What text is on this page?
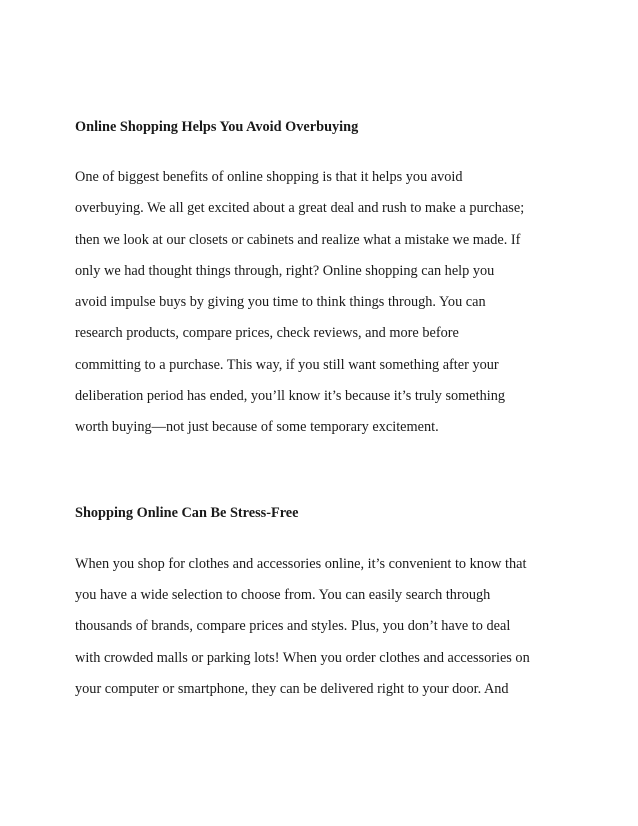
Online Shopping Helps You Avoid Overbuying

One of biggest benefits of online shopping is that it helps you avoid

overbuying. We all get excited about a great deal and rush to make a purchase;

then we look at our closets or cabinets and realize what a mistake we made. If

only we had thought things through, right? Online shopping can help you

avoid impulse buys by giving you time to think things through. You can

research products, compare prices, check reviews, and more before

committing to a purchase. This way, if you still want something after your

deliberation period has ended, you’ll know it’s because it’s truly something

worth buying—not just because of some temporary excitement.

Shopping Online Can Be Stress-Free

When you shop for clothes and accessories online, it’s convenient to know that

you have a wide selection to choose from. You can easily search through

thousands of brands, compare prices and styles. Plus, you don’t have to deal

with crowded malls or parking lots! When you order clothes and accessories on

your computer or smartphone, they can be delivered right to your door. And
